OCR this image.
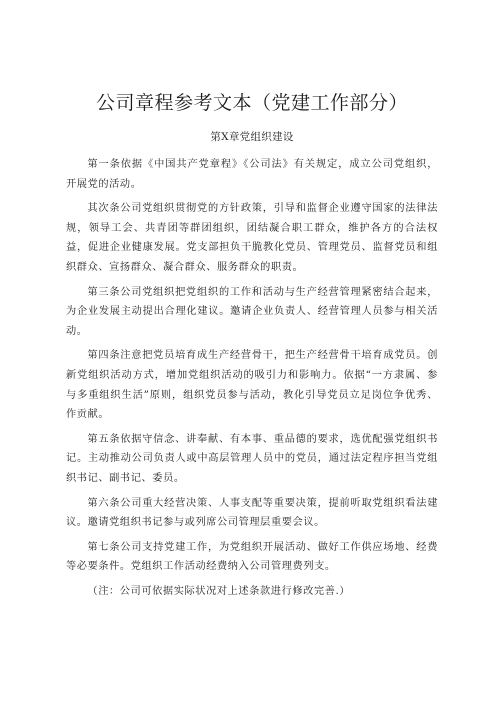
公司章程参考文本（党建工作部分）
第X章党组织建设

第一条依据《中国共产党章程》《公司法》有关规定，成立公司党组织，开展党的活动。

其次条公司党组织贯彻党的方针政策，引导和监督企业遵守国家的法律法规，领导工会、共青团等群团组织，团结凝合职工群众，维护各方的合法权益，促进企业健康发展。党支部担负干脆教化党员、管理党员、监督党员和组织群众、宣扬群众、凝合群众、服务群众的职责。

第三条公司党组织把党组织的工作和活动与生产经营管理紧密结合起来，为企业发展主动提出合理化建议。邀请企业负责人、经营管理人员参与相关活动。

第四条注意把党员培育成生产经营骨干，把生产经营骨干培育成党员。创新党组织活动方式，增加党组织活动的吸引力和影响力。依据“一方隶属、参与多重组织生活”原则，组织党员参与活动，教化引导党员立足岗位争优秀、作贡献。

第五条依据守信念、讲奉献、有本事、重品德的要求，选优配强党组织书记。主动推动公司负责人或中高层管理人员中的党员，通过法定程序担当党组织书记、副书记、委员。

第六条公司重大经营决策、人事支配等重要决策，提前听取党组织看法建议。邀请党组织书记参与或列席公司管理层重要会议。

第七条公司支持党建工作，为党组织开展活动、做好工作供应场地、经费等必要条件。党组织工作活动经费纳入公司管理费列支。

（注：公司可依据实际状况对上述条款进行修改完善.）
